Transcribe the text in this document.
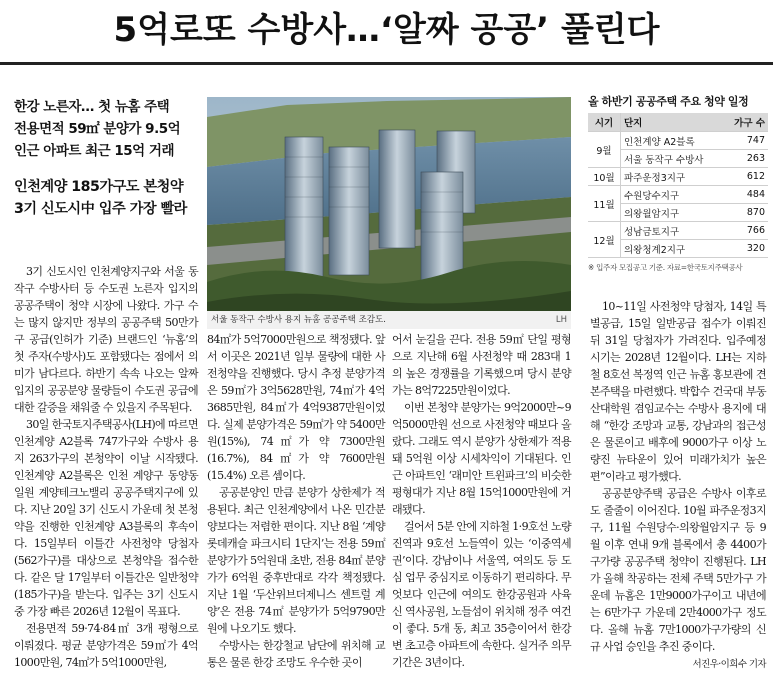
5억로또 수방사…‘알짜 공공’ 풀린다
한강 노른자… 첫 뉴홈 주택
전용면적 59㎡ 분양가 9.5억
인근 아파트 최근 15억 거래
인천계양 185가구도 본청약
3기 신도시中 입주 가장 빨라
서울 동작구 수방사 용지 뉴홈 공공주택 조감도.	LH
올 하반기 공공주택 주요 청약 일정
시기	단지	가구 수
9월	인천계양 A2블록	747
	서울 동작구 수방사	263
10월	파주운정3지구	612
11월	수원당수지구	484
	의왕월암지구	870
12월	성남금토지구	766
	의왕청계2지구	320
※ 입주자 모집공고 기준. 자료=한국토지주택공사

3기 신도시인 인천계양지구와 서울 동작구 수방사터 등 수도권 노른자 입지의 공공주택이 청약 시장에 나왔다. 가구 수는 많지 않지만 정부의 공공주택 50만가구 공급(인허가 기준) 브랜드인 ‘뉴홈’의 첫 주자(수방사)도 포함됐다는 점에서 의미가 남다르다. 하반기 속속 나오는 알짜 입지의 공공분양 물량들이 수도권 공급에 대한 갈증을 채워줄 수 있을지 주목된다.

30일 한국토지주택공사(LH)에 따르면 인천계양 A2블록 747가구와 수방사 용지 263가구의 본청약이 이날 시작됐다. 인천계양 A2블록은 인천 계양구 동양동 일원 계양테크노밸리 공공주택지구에 있다. 지난 20일 3기 신도시 가운데 첫 본청약을 진행한 인천계양 A3블록의 후속이다. 15일부터 이틀간 사전청약 당첨자(562가구)를 대상으로 본청약을 접수한다. 같은 달 17일부터 이틀간은 일반청약(185가구)을 받는다. 입주는 3기 신도시 중 가장 빠른 2026년 12월이 목표다.

전용면적 59·74·84㎡ 3개 평형으로 이뤄졌다. 평균 분양가격은 59㎡가 4억1000만원, 74㎡가 5억1000만원,

84㎡가 5억7000만원으로 책정됐다. 앞서 이곳은 2021년 일부 물량에 대한 사전청약을 진행했다. 당시 추정 분양가격은 59㎡가 3억5628만원, 74㎡가 4억3685만원, 84㎡가 4억9387만원이었다. 실제 분양가격은 59㎡가 약 5400만원(15%), 74㎡가 약 7300만원(16.7%), 84㎡가 약 7600만원(15.4%) 오른 셈이다.

공공분양인 만큼 분양가 상한제가 적용된다. 최근 인천계양에서 나온 민간분양보다는 저렴한 편이다. 지난 8월 ‘계양 롯데캐슬 파크시티 1단지’는 전용 59㎡ 분양가가 5억원대 초반, 전용 84㎡ 분양가가 6억원 중후반대로 각각 책정됐다. 지난 1월 ‘두산위브더제니스 센트럴 계양’은 전용 74㎡ 분양가가 5억9790만원에 나오기도 했다.

수방사는 한강철교 남단에 위치해 교통은 물론 한강 조망도 우수한 곳이

어서 눈길을 끈다. 전용 59㎡ 단일 평형으로 지난해 6월 사전청약 때 283대 1의 높은 경쟁률을 기록했으며 당시 분양가는 8억7225만원이었다.

이번 본청약 분양가는 9억2000만~9억5000만원 선으로 사전청약 때보다 올랐다. 그래도 역시 분양가 상한제가 적용돼 5억원 이상 시세차익이 기대된다. 인근 아파트인 ‘래미안 트윈파크’의 비슷한 평형대가 지난 8월 15억1000만원에 거래됐다.

걸어서 5분 안에 지하철 1·9호선 노량진역과 9호선 노들역이 있는 ‘이중역세권’이다. 강남이나 서울역, 여의도 등 도심 업무 중심지로 이동하기 편리하다. 무엇보다 인근에 여의도 한강공원과 사육신 역사공원, 노들섬이 위치해 정주 여건이 좋다. 5개 동, 최고 35층이어서 한강변 초고층 아파트에 속한다. 실거주 의무 기간은 3년이다.

10~11일 사전청약 당첨자, 14일 특별공급, 15일 일반공급 접수가 이뤄진 뒤 31일 당첨자가 가려진다. 입주예정시기는 2028년 12월이다. LH는 지하철 8호선 복정역 인근 뉴홈 홍보관에 견본주택을 마련했다. 박합수 건국대 부동산대학원 겸임교수는 수방사 용지에 대해 “한강 조망과 교통, 강남과의 접근성은 물론이고 배후에 9000가구 이상 노량진 뉴타운이 있어 미래가치가 높은 편”이라고 평가했다.

공공분양주택 공급은 수방사 이후로도 줄줄이 이어진다. 10월 파주운정3지구, 11월 수원당수·의왕월암지구 등 9월 이후 연내 9개 블록에서 총 4400가구가량 공공주택 청약이 진행된다. LH가 올해 착공하는 전체 주택 5만가구 가운데 뉴홈은 1만9000가구이고 내년에는 6만가구 가운데 2만4000가구 정도다. 올해 뉴홈 7만1000가구가량의 신규 사업 승인을 추진 중이다.

서진우·이희수 기자
